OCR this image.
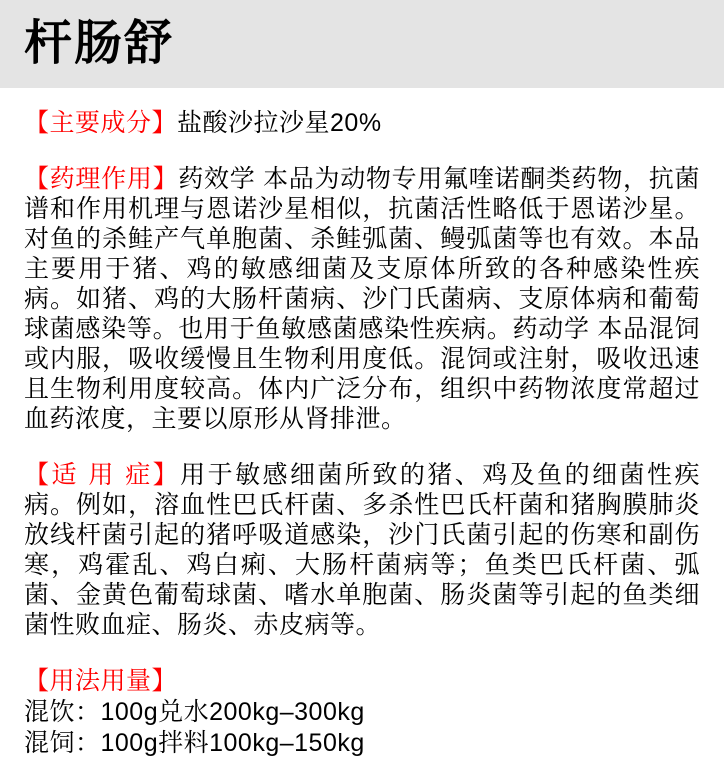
杆肠舒

【主要成分】盐酸沙拉沙星20%

【药理作用】药效学 本品为动物专用氟喹诺酮类药物，抗菌谱和作用机理与恩诺沙星相似，抗菌活性略低于恩诺沙星。对鱼的杀鲑产气单胞菌、杀鲑弧菌、鳗弧菌等也有效。本品主要用于猪、鸡的敏感细菌及支原体所致的各种感染性疾病。如猪、鸡的大肠杆菌病、沙门氏菌病、支原体病和葡萄球菌感染等。也用于鱼敏感菌感染性疾病。药动学 本品混饲或内服，吸收缓慢且生物利用度低。混饲或注射，吸收迅速且生物利用度较高。体内广泛分布，组织中药物浓度常超过血药浓度，主要以原形从肾排泄。

【适 用 症】用于敏感细菌所致的猪、鸡及鱼的细菌性疾病。例如，溶血性巴氏杆菌、多杀性巴氏杆菌和猪胸膜肺炎放线杆菌引起的猪呼吸道感染，沙门氏菌引起的伤寒和副伤寒，鸡霍乱、鸡白痢、大肠杆菌病等；鱼类巴氏杆菌、弧菌、金黄色葡萄球菌、嗜水单胞菌、肠炎菌等引起的鱼类细菌性败血症、肠炎、赤皮病等。

【用法用量】

混饮：100g兑水200kg–300kg

混饲：100g拌料100kg–150kg
